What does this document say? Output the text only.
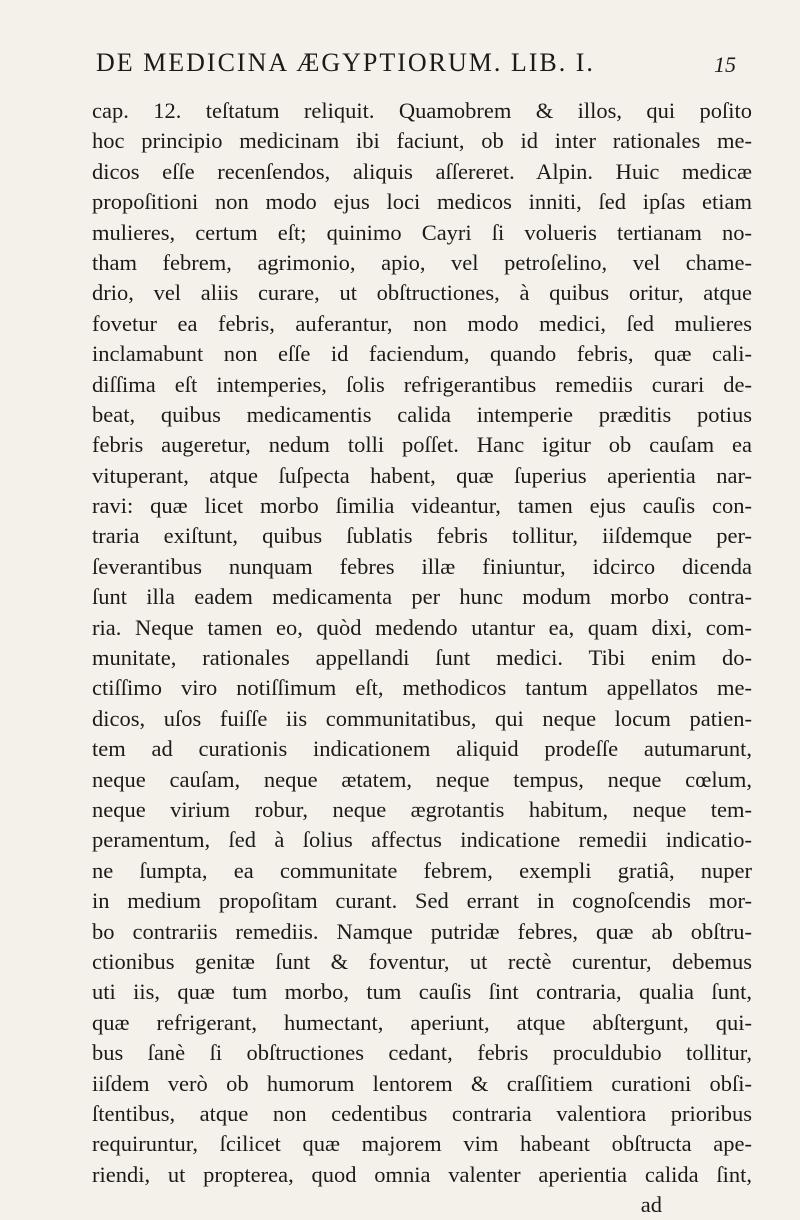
DE MEDICINA ÆGYPTIORUM. LIB. I.	15
cap. 12. teſtatum reliquit. Quamobrem & illos, qui poſito
hoc principio medicinam ibi faciunt, ob id inter rationales me-
dicos eſſe recenſendos, aliquis aſſereret. Alpin. Huic medicæ
propoſitioni non modo ejus loci medicos inniti, ſed ipſas etiam
mulieres, certum eſt; quinimo Cayri ſi volueris tertianam no-
tham febrem, agrimonio, apio, vel petroſelino, vel chame-
drio, vel aliis curare, ut obſtructiones, à quibus oritur, atque
fovetur ea febris, auferantur, non modo medici, ſed mulieres
inclamabunt non eſſe id faciendum, quando febris, quæ cali-
diſſima eſt intemperies, ſolis refrigerantibus remediis curari de-
beat, quibus medicamentis calida intemperie præditis potius
febris augeretur, nedum tolli poſſet. Hanc igitur ob cauſam ea
vituperant, atque ſuſpecta habent, quæ ſuperius aperientia nar-
ravi: quæ licet morbo ſimilia videantur, tamen ejus cauſis con-
traria exiſtunt, quibus ſublatis febris tollitur, iiſdemque per-
ſeverantibus nunquam febres illæ finiuntur, idcirco dicenda
ſunt illa eadem medicamenta per hunc modum morbo contra-
ria. Neque tamen eo, quòd medendo utantur ea, quam dixi, com-
munitate, rationales appellandi ſunt medici. Tibi enim do-
ctiſſimo viro notiſſimum eſt, methodicos tantum appellatos me-
dicos, uſos fuiſſe iis communitatibus, qui neque locum patien-
tem ad curationis indicationem aliquid prodeſſe autumarunt,
neque cauſam, neque ætatem, neque tempus, neque cœlum,
neque virium robur, neque ægrotantis habitum, neque tem-
peramentum, ſed à ſolius affectus indicatione remedii indicatio-
ne ſumpta, ea communitate febrem, exempli gratiâ, nuper
in medium propoſitam curant. Sed errant in cognoſcendis mor-
bo contrariis remediis. Namque putridæ febres, quæ ab obſtru-
ctionibus genitæ ſunt & foventur, ut rectè curentur, debemus
uti iis, quæ tum morbo, tum cauſis ſint contraria, qualia ſunt,
quæ refrigerant, humectant, aperiunt, atque abſtergunt, qui-
bus ſanè ſi obſtructiones cedant, febris proculdubio tollitur,
iiſdem verò ob humorum lentorem & craſſitiem curationi obſi-
ſtentibus, atque non cedentibus contraria valentiora prioribus
requiruntur, ſcilicet quæ majorem vim habeant obſtructa ape-
riendi, ut propterea, quod omnia valenter aperientia calida ſint,
ad
